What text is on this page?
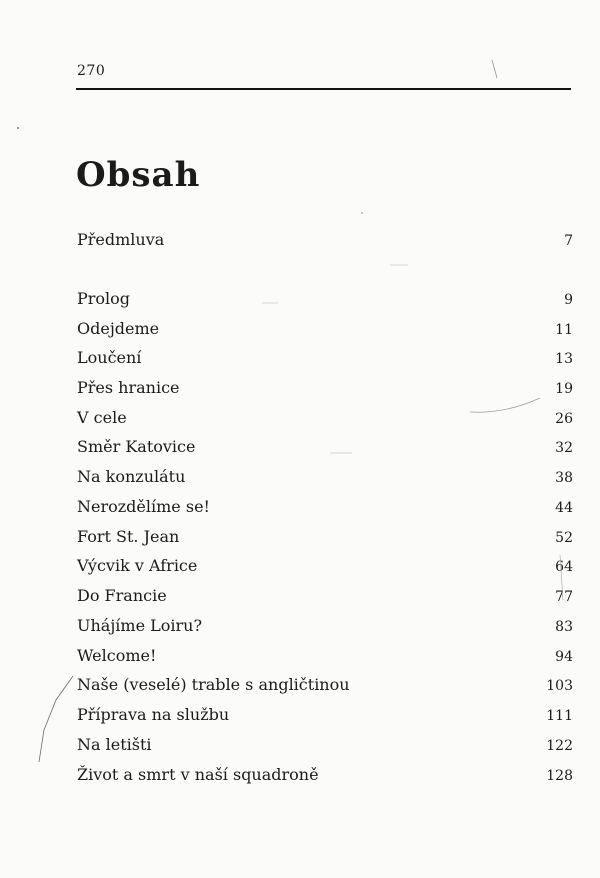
270
Obsah
Předmluva	7
Prolog	9
Odejdeme	11
Loučení	13
Přes hranice	19
V cele	26
Směr Katovice	32
Na konzulátu	38
Nerozdělíme se!	44
Fort St. Jean	52
Výcvik v Africe	64
Do Francie	77
Uhájíme Loiru?	83
Welcome!	94
Naše (veselé) trable s angličtinou	103
Příprava na službu	111
Na letišti	122
Život a smrt v naší squadroně	128
